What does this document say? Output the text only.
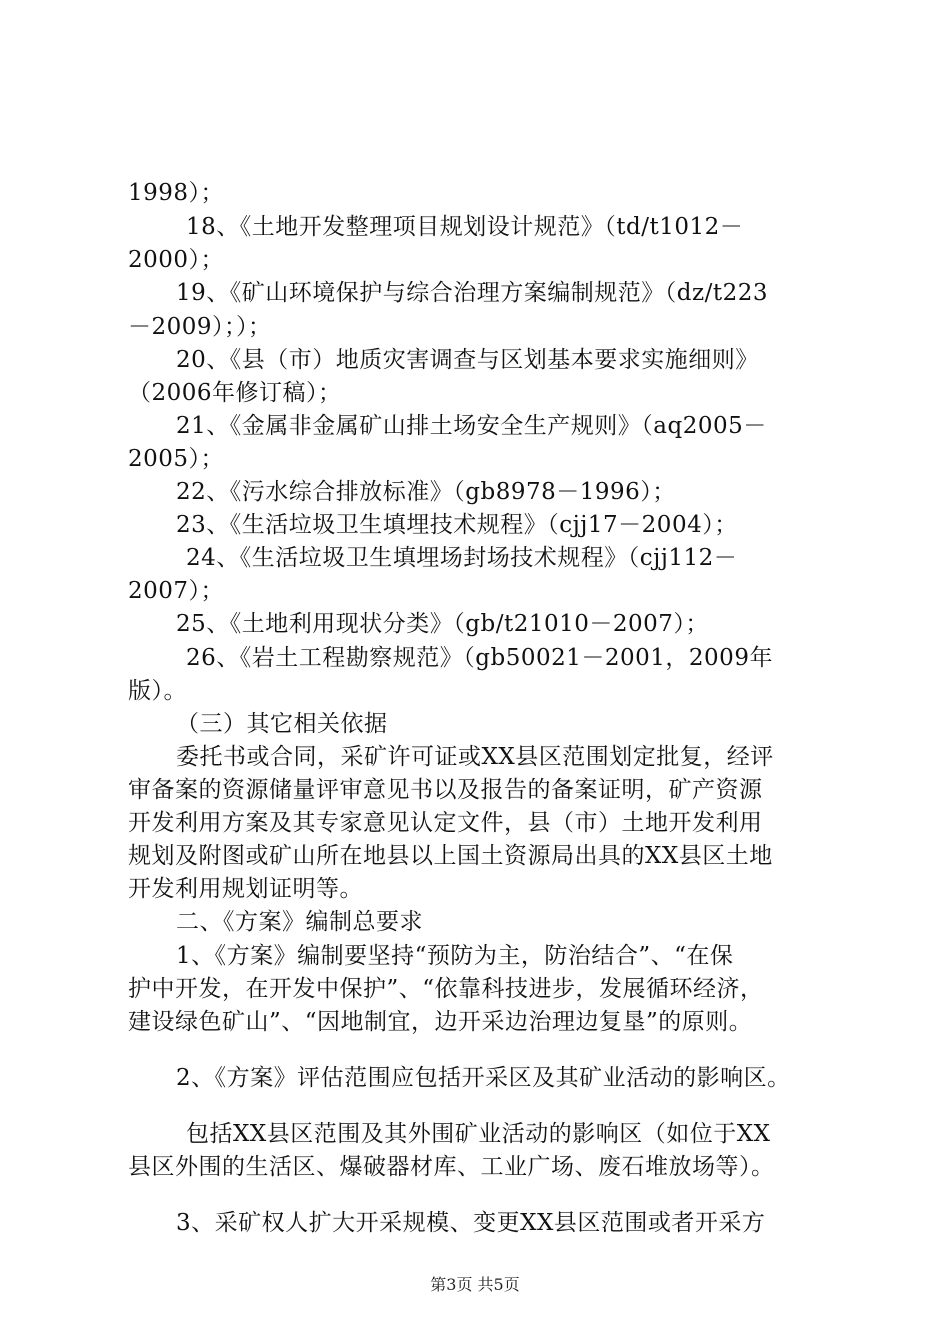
1998）；
18、《土地开发整理项目规划设计规范》（td/t1012－
2000）；
19、《矿山环境保护与综合治理方案编制规范》（dz/t223
－2009）；）；
20、《县（市）地质灾害调查与区划基本要求实施细则》
（2006年修订稿）；
21、《金属非金属矿山排土场安全生产规则》（aq2005－
2005）；
22、《污水综合排放标准》（gb8978－1996）；
23、《生活垃圾卫生填埋技术规程》（cjj17－2004）；
24、《生活垃圾卫生填埋场封场技术规程》（cjj112－
2007）；
25、《土地利用现状分类》（gb/t21010－2007）；
26、《岩土工程勘察规范》（gb50021－2001，2009年
版）。
（三）其它相关依据
委托书或合同，采矿许可证或XX县区范围划定批复，经评
审备案的资源储量评审意见书以及报告的备案证明，矿产资源
开发利用方案及其专家意见认定文件，县（市）土地开发利用
规划及附图或矿山所在地县以上国土资源局出具的XX县区土地
开发利用规划证明等。
二、《方案》编制总要求
1、《方案》编制要坚持“预防为主，防治结合”、“在保
护中开发，在开发中保护”、“依靠科技进步，发展循环经济，
建设绿色矿山”、“因地制宜，边开采边治理边复垦”的原则。
2、《方案》评估范围应包括开采区及其矿业活动的影响区。
包括XX县区范围及其外围矿业活动的影响区（如位于XX
县区外围的生活区、爆破器材库、工业广场、废石堆放场等）。
3、采矿权人扩大开采规模、变更XX县区范围或者开采方
第3页 共5页
